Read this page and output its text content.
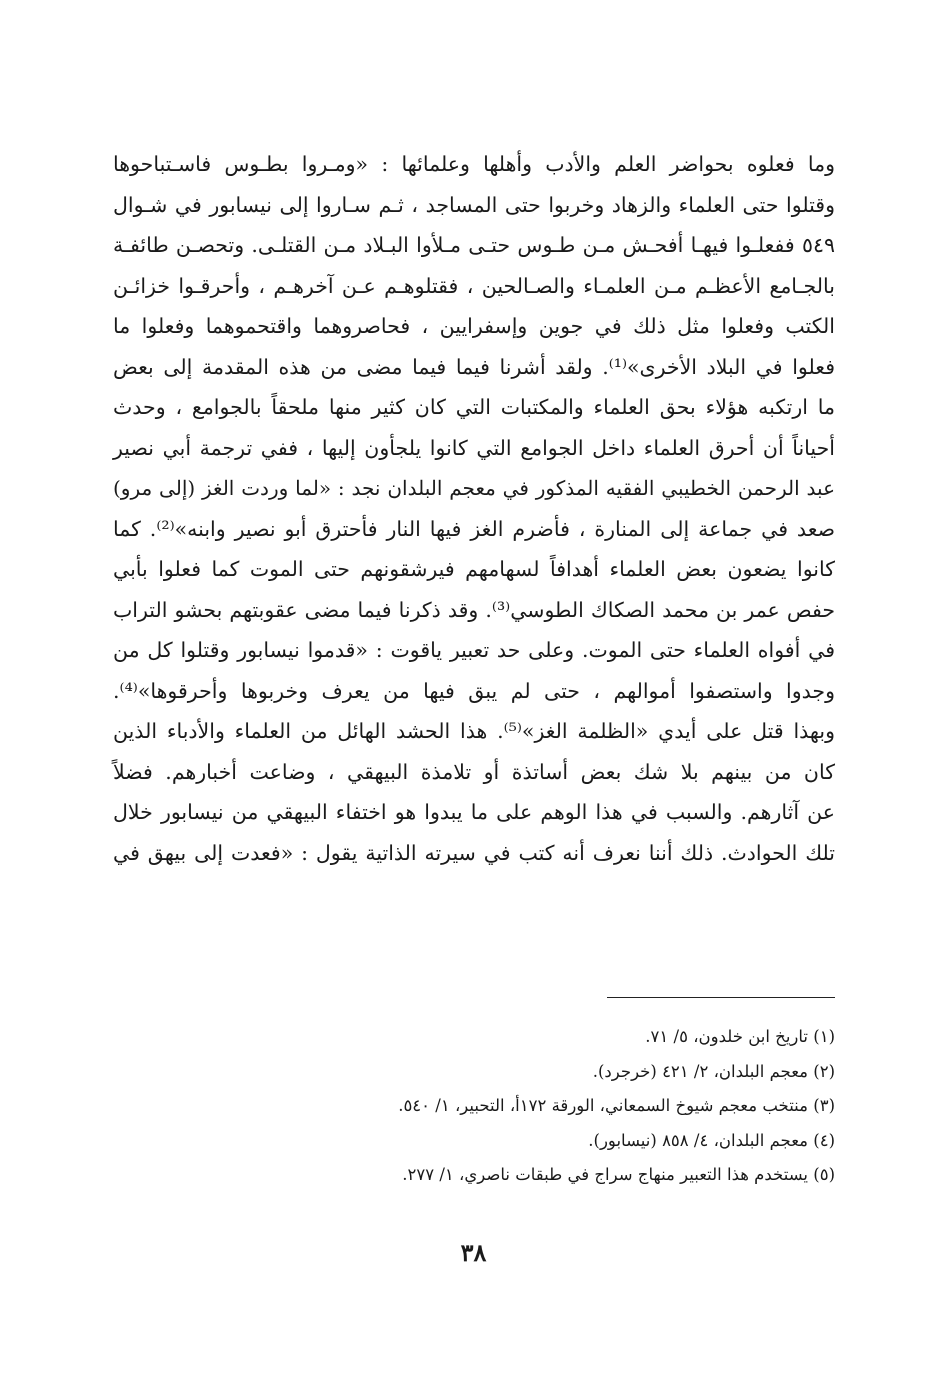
وما فعلوه بحواضر العلم والأدب وأهلها وعلمائها : «ومـروا بطـوس فاسـتباحوها
وقتلوا حتى العلماء والزهاد وخربوا حتى المساجد ، ثـم سـاروا إلى نيسابور في شـوال
٥٤٩ ففعلـوا فيهـا أفحـش مـن طـوس حتـى مـلأوا البـلاد مـن القتلـى. وتحصـن طائفـة
بالجـامع الأعظـم مـن العلمـاء والصـالحين ، فقتلوهـم عـن آخرهـم ، وأحرقـوا خزائـن
الكتب وفعلوا مثل ذلك في جوين وإسفرايين ، فحاصروهما واقتحموهما وفعلوا ما
فعلوا في البلاد الأخرى»⁽¹⁾. ولقد أشرنا فيما فيما مضى من هذه المقدمة إلى بعض
ما ارتكبه هؤلاء بحق العلماء والمكتبات التي كان كثير منها ملحقاً بالجوامع ، وحدث
أحياناً أن أحرق العلماء داخل الجوامع التي كانوا يلجأون إليها ، ففي ترجمة أبي نصير
عبد الرحمن الخطيبي الفقيه المذكور في معجم البلدان نجد : «لما وردت الغز (إلى مرو)
صعد في جماعة إلى المنارة ، فأضرم الغز فيها النار فأحترق أبو نصير وابنه»⁽²⁾. كما
كانوا يضعون بعض العلماء أهدافاً لسهامهم فيرشقونهم حتى الموت كما فعلوا بأبي
حفص عمر بن محمد الصكاك الطوسي⁽³⁾. وقد ذكرنا فيما مضى عقوبتهم بحشو التراب
في أفواه العلماء حتى الموت. وعلى حد تعبير ياقوت : «قدموا نيسابور وقتلوا كل من
وجدوا واستصفوا أموالهم ، حتى لم يبق فيها من يعرف وخربوها وأحرقوها»⁽⁴⁾.
وبهذا قتل على أيدي «الظلمة الغز»⁽⁵⁾. هذا الحشد الهائل من العلماء والأدباء الذين
كان من بينهم بلا شك بعض أساتذة أو تلامذة البيهقي ، وضاعت أخبارهم. فضلاً
عن آثارهم. والسبب في هذا الوهم على ما يبدوا هو اختفاء البيهقي من نيسابور خلال
تلك الحوادث. ذلك أننا نعرف أنه كتب في سيرته الذاتية يقول : «فعدت إلى بيهق في
(١) تاريخ ابن خلدون، ٥/ ٧١.
(٢) معجم البلدان، ٢/ ٤٢١ (خرجرد).
(٣) منتخب معجم شيوخ السمعاني، الورقة ١٧٢أ، التحبير، ١/ ٥٤٠.
(٤) معجم البلدان، ٤/ ٨٥٨ (نيسابور).
(٥) يستخدم هذا التعبير منهاج سراج في طبقات ناصري، ١/ ٢٧٧.
٣٨
